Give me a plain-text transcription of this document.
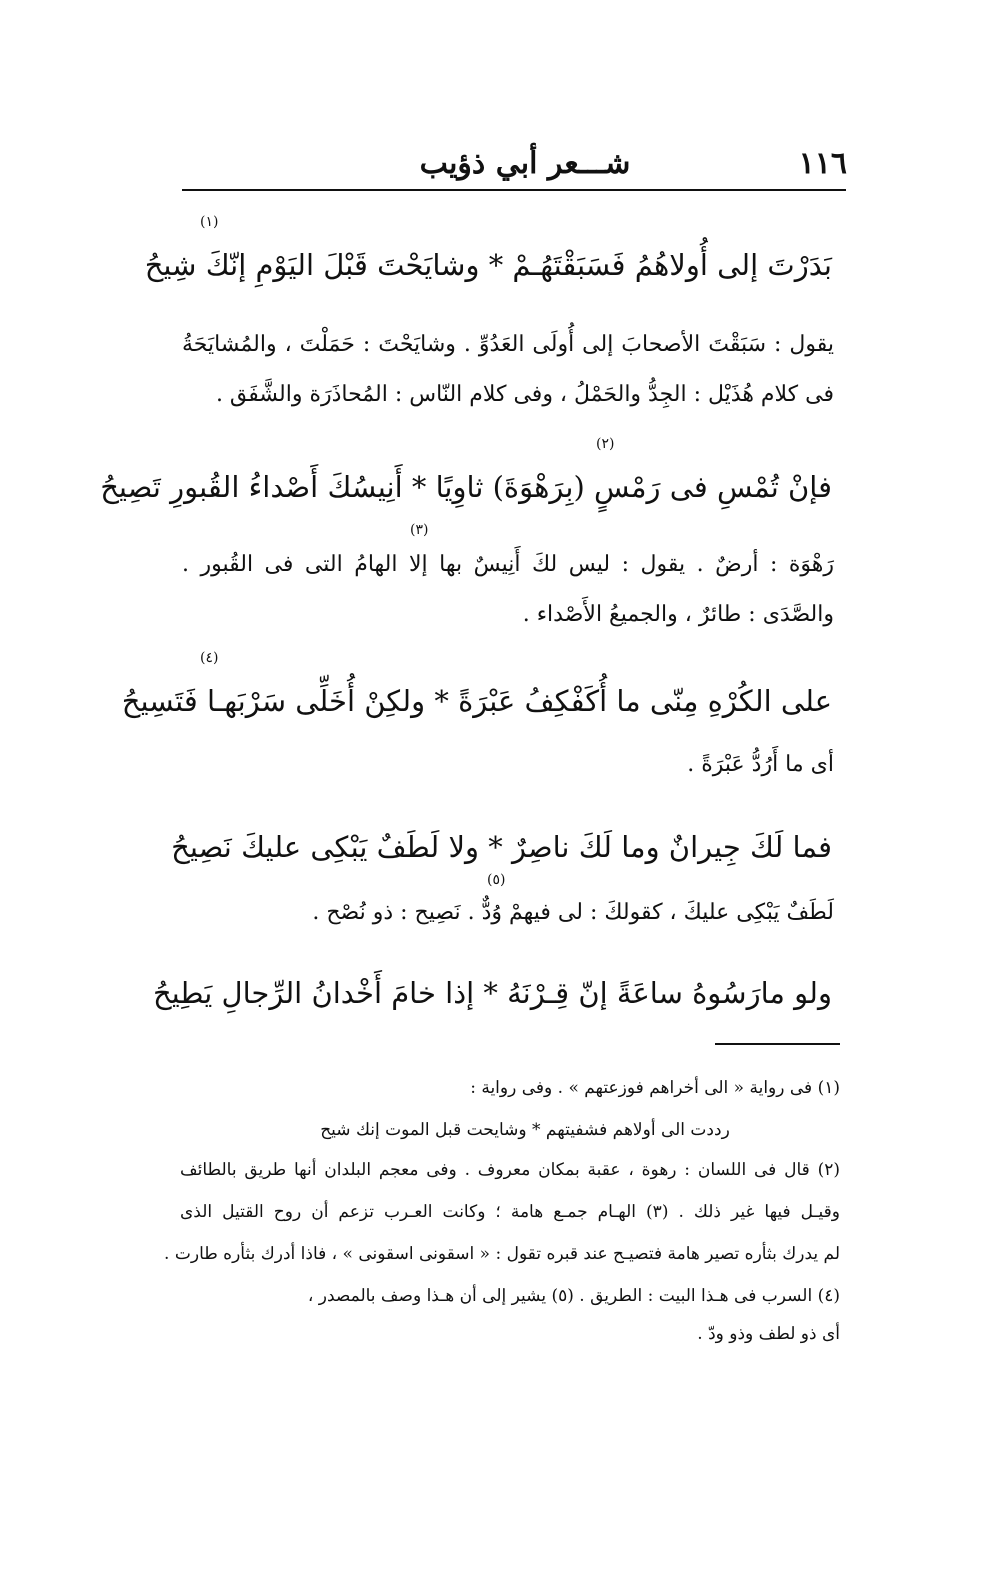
١١٦
شـــعر أبي ذؤيب
(١)
بَدَرْتَ إلى أُولاهُمُ فَسَبَقْتَهُـمْ * وشايَحْتَ قَبْلَ اليَوْمِ إنّكَ شِيحُ
يقول : سَبَقْتَ الأصحابَ إلى أُولَى العَدُوِّ . وشايَحْتَ : حَمَلْتَ ، والمُشايَحَةُ فى كلام هُذَيْل : الجِدُّ والحَمْلُ ، وفى كلام النّاس : المُحاذَرَة والشَّفَق .
(٢)
فإنْ تُمْسِ فى رَمْسٍ (بِرَهْوَةَ) ثاوِيًا * أَنِيسُكَ أَصْداءُ القُبورِ تَصِيحُ
(٣)
رَهْوَة : أرضٌ . يقول : ليس لكَ أَنِيسٌ بها إلا الهامُ التى فى القُبور . والصَّدَى : طائرٌ ، والجميعُ الأَصْداء .
(٤)
على الكُرْهِ مِنّى ما أُكَفْكِفُ عَبْرَةً * ولكِنْ أُخَلِّى سَرْبَهـا فَتَسِيحُ
أى ما أَرُدُّ عَبْرَةً .
فما لَكَ جِيرانٌ وما لَكَ ناصِرٌ * ولا لَطَفٌ يَبْكِى عليكَ نَصِيحُ
(٥)
لَطَفٌ يَبْكِى عليكَ ، كقولكَ : لى فيهمْ وُدٌّ . نَصِيح : ذو نُصْح .
ولو مارَسُوهُ ساعَةً إنّ قِـرْنَهُ * إذا خامَ أَخْدانُ الرِّجالِ يَطِيحُ
(١) فى رواية « الى أخراهم فوزعتهم » . وفى رواية :
رددت الى أولاهم فشفيتهم * وشايحت قبل الموت إنك شيح
(٢) قال فى اللسان : رهوة ، عقبة بمكان معروف . وفى معجم البلدان أنها طريق بالطائف
وقيـل فيها غير ذلك . (٣) الهـام جمـع هامة ؛ وكانت العـرب تزعم أن روح القتيل الذى
لم يدرك بثأره تصير هامة فتصيـح عند قبره تقول : « اسقونى اسقونى » ، فاذا أدرك بثأره طارت .
(٤) السرب فى هـذا البيت : الطريق . (٥) يشير إلى أن هـذا وصف بالمصدر ،
أى ذو لطف وذو ودّ .
